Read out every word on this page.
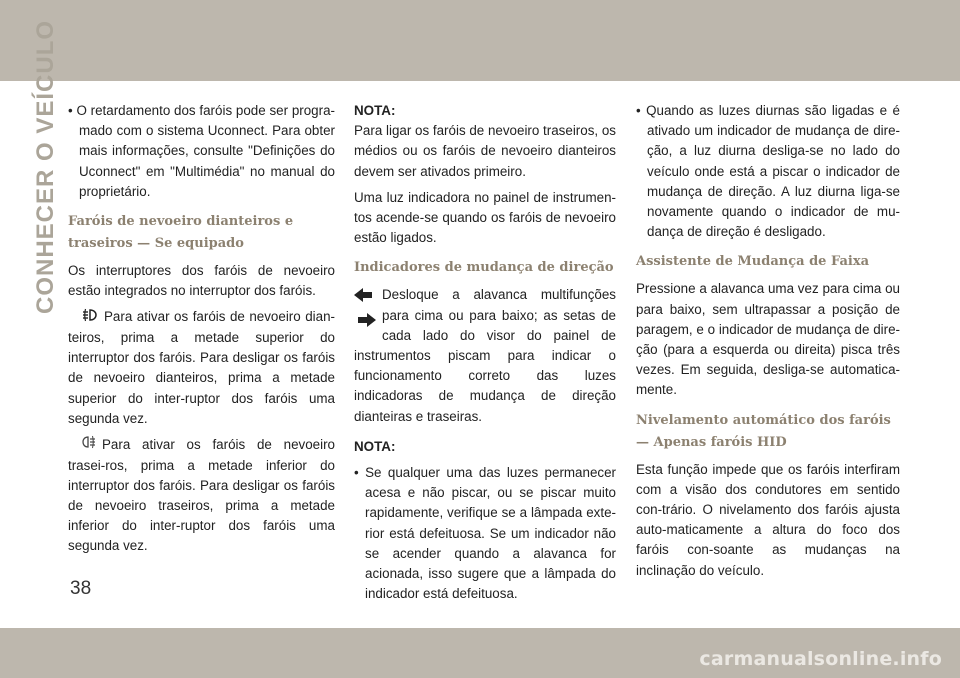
CONHECER O VEÍCULO

•	O retardamento dos faróis pode ser progra-mado com o sistema Uconnect. Para obter mais informações, consulte "Definições do Uconnect" em "Multimédia" no manual do proprietário.

Faróis de nevoeiro dianteiros e traseiros — Se equipado

Os interruptores dos faróis de nevoeiro estão integrados no interruptor dos faróis.

Para ativar os faróis de nevoeiro dian-teiros, prima a metade superior do interruptor dos faróis. Para desligar os faróis de nevoeiro dianteiros, prima a metade superior do inter-ruptor dos faróis uma segunda vez.

Para ativar os faróis de nevoeiro trasei-ros, prima a metade inferior do interruptor dos faróis. Para desligar os faróis de nevoeiro traseiros, prima a metade inferior do inter-ruptor dos faróis uma segunda vez.

NOTA:

Para ligar os faróis de nevoeiro traseiros, os médios ou os faróis de nevoeiro dianteiros devem ser ativados primeiro.

Uma luz indicadora no painel de instrumen-tos acende-se quando os faróis de nevoeiro estão ligados.

Indicadores de mudança de direção

Desloque a alavanca multifunções para cima ou para baixo; as setas de cada lado do visor do painel de instrumentos piscam para indicar o funcionamento correto das luzes indicadoras de mudança de direção dianteiras e traseiras.

NOTA:

• Se qualquer uma das luzes permanecer acesa e não piscar, ou se piscar muito rapidamente, verifique se a lâmpada exte-rior está defeituosa. Se um indicador não se acender quando a alavanca for acionada, isso sugere que a lâmpada do indicador está defeituosa.

• Quando as luzes diurnas são ligadas e é ativado um indicador de mudança de dire-ção, a luz diurna desliga-se no lado do veículo onde está a piscar o indicador de mudança de direção. A luz diurna liga-se novamente quando o indicador de mu-dança de direção é desligado.

Assistente de Mudança de Faixa

Pressione a alavanca uma vez para cima ou para baixo, sem ultrapassar a posição de paragem, e o indicador de mudança de dire-ção (para a esquerda ou direita) pisca três vezes. Em seguida, desliga-se automatica-mente.

Nivelamento automático dos faróis — Apenas faróis HID

Esta função impede que os faróis interfiram com a visão dos condutores em sentido con-trário. O nivelamento dos faróis ajusta auto-maticamente a altura do foco dos faróis con-soante as mudanças na inclinação do veículo.

38
carmanualsonline.info
